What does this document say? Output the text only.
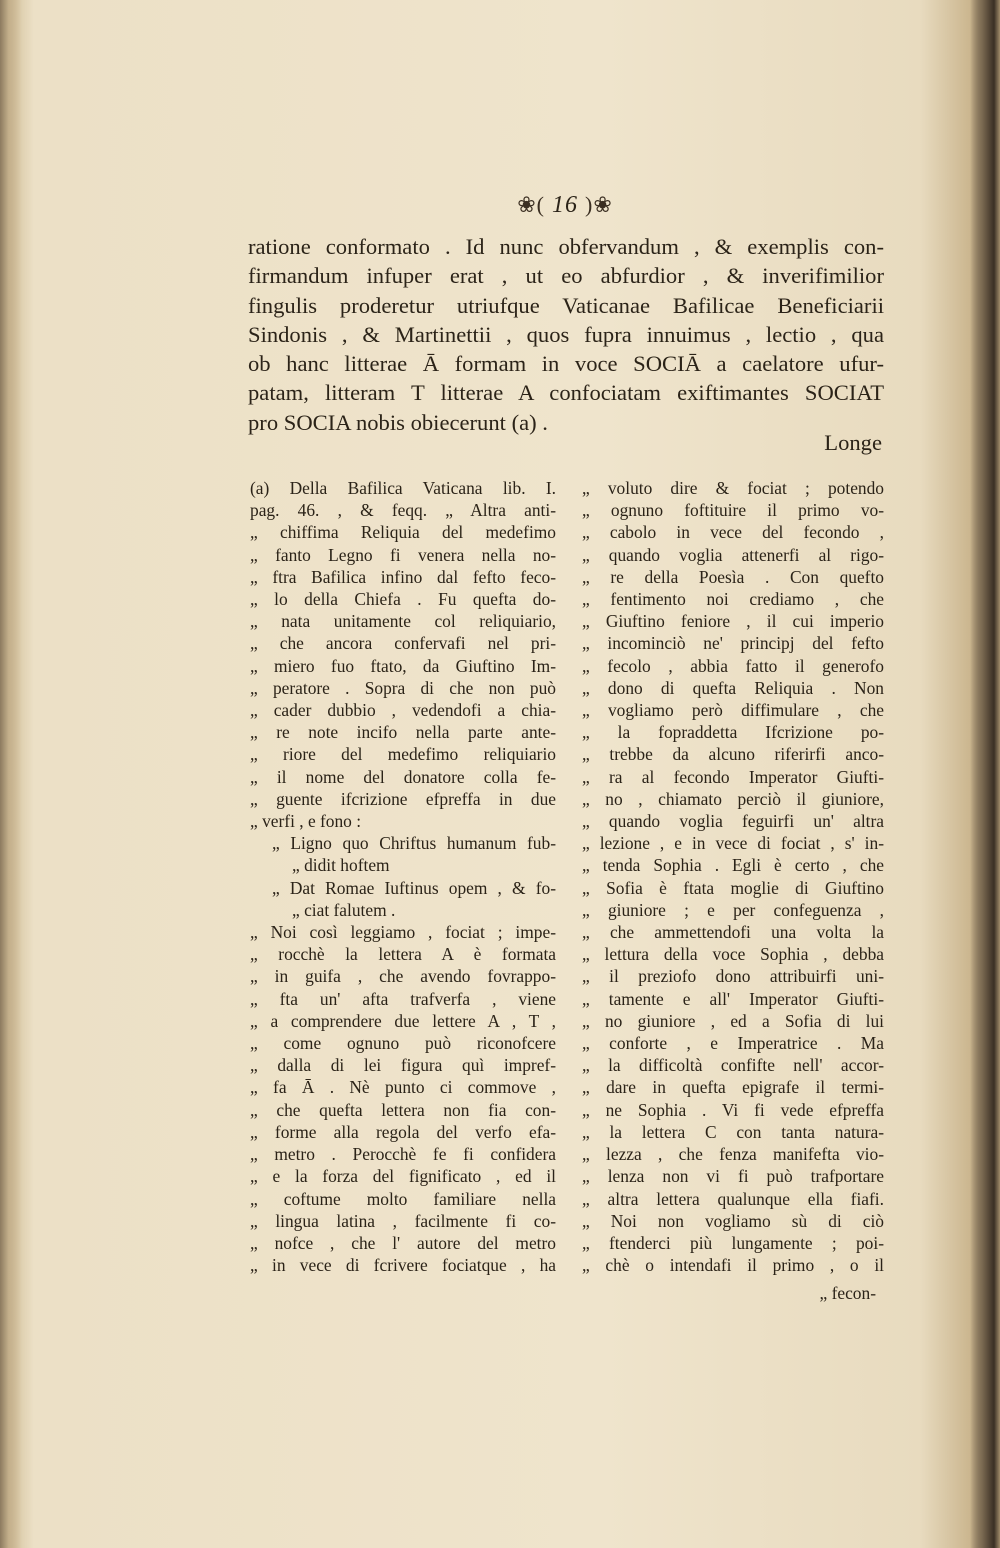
❀( 16 )❀
ratione conformato . Id nunc obfervandum , & exemplis con-
firmandum infuper erat , ut eo abfurdior , & inverifimilior
fingulis proderetur utriufque Vaticanae Bafilicae Beneficiarii
Sindonis , & Martinettii , quos fupra innuimus , lectio , qua
ob hanc litterae Ā formam in voce SOCIĀ a caelatore ufur-
patam, litteram T litterae A confociatam exiftimantes SOCIAT
pro SOCIA nobis obiecerunt (a) .
Longe
(a) Della Bafilica Vaticana lib. I.
pag. 46. , & feqq. „ Altra anti-
„ chiffima Reliquia del medefimo
„ fanto Legno fi venera nella no-
„ ftra Bafilica infino dal fefto feco-
„ lo della Chiefa . Fu quefta do-
„ nata unitamente col reliquiario,
„ che ancora confervafi nel pri-
„ miero fuo ftato, da Giuftino Im-
„ peratore . Sopra di che non può
„ cader dubbio , vedendofi a chia-
„ re note incifo nella parte ante-
„ riore del medefimo reliquiario
„ il nome del donatore colla fe-
„ guente ifcrizione efpreffa in due
„ verfi , e fono :
„ Ligno quo Chriftus humanum fub-
„ didit hoftem
„ Dat Romae Iuftinus opem , & fo-
„ ciat falutem .
„ Noi così leggiamo , fociat ; impe-
„ rocchè la lettera A è formata
„ in guifa , che avendo fovrappo-
„ fta un' afta trafverfa , viene
„ a comprendere due lettere A , T ,
„ come ognuno può riconofcere
„ dalla di lei figura quì impref-
„ fa Ā . Nè punto ci commove ,
„ che quefta lettera non fia con-
„ forme alla regola del verfo efa-
„ metro . Perocchè fe fi confidera
„ e la forza del fignificato , ed il
„ coftume molto familiare nella
„ lingua latina , facilmente fi co-
„ nofce , che l' autore del metro
„ in vece di fcrivere fociatque , ha
„ voluto dire & fociat ; potendo
„ ognuno foftituire il primo vo-
„ cabolo in vece del fecondo ,
„ quando voglia attenerfi al rigo-
„ re della Poesìa . Con quefto
„ fentimento noi crediamo , che
„ Giuftino feniore , il cui imperio
„ incominciò ne' principj del fefto
„ fecolo , abbia fatto il generofo
„ dono di quefta Reliquia . Non
„ vogliamo però diffimulare , che
„ la fopraddetta Ifcrizione po-
„ trebbe da alcuno riferirfi anco-
„ ra al fecondo Imperator Giufti-
„ no , chiamato perciò il giuniore,
„ quando voglia feguirfi un' altra
„ lezione , e in vece di fociat , s' in-
„ tenda Sophia . Egli è certo , che
„ Sofia è ftata moglie di Giuftino
„ giuniore ; e per confeguenza ,
„ che ammettendofi una volta la
„ lettura della voce Sophia , debba
„ il preziofo dono attribuirfi uni-
„ tamente e all' Imperator Giufti-
„ no giuniore , ed a Sofia di lui
„ conforte , e Imperatrice . Ma
„ la difficoltà confifte nell' accor-
„ dare in quefta epigrafe il termi-
„ ne Sophia . Vi fi vede efpreffa
„ la lettera C con tanta natura-
„ lezza , che fenza manifefta vio-
„ lenza non vi fi può trafportare
„ altra lettera qualunque ella fiafi.
„ Noi non vogliamo sù di ciò
„ ftenderci più lungamente ; poi-
„ chè o intendafi il primo , o il
„ fecon-
